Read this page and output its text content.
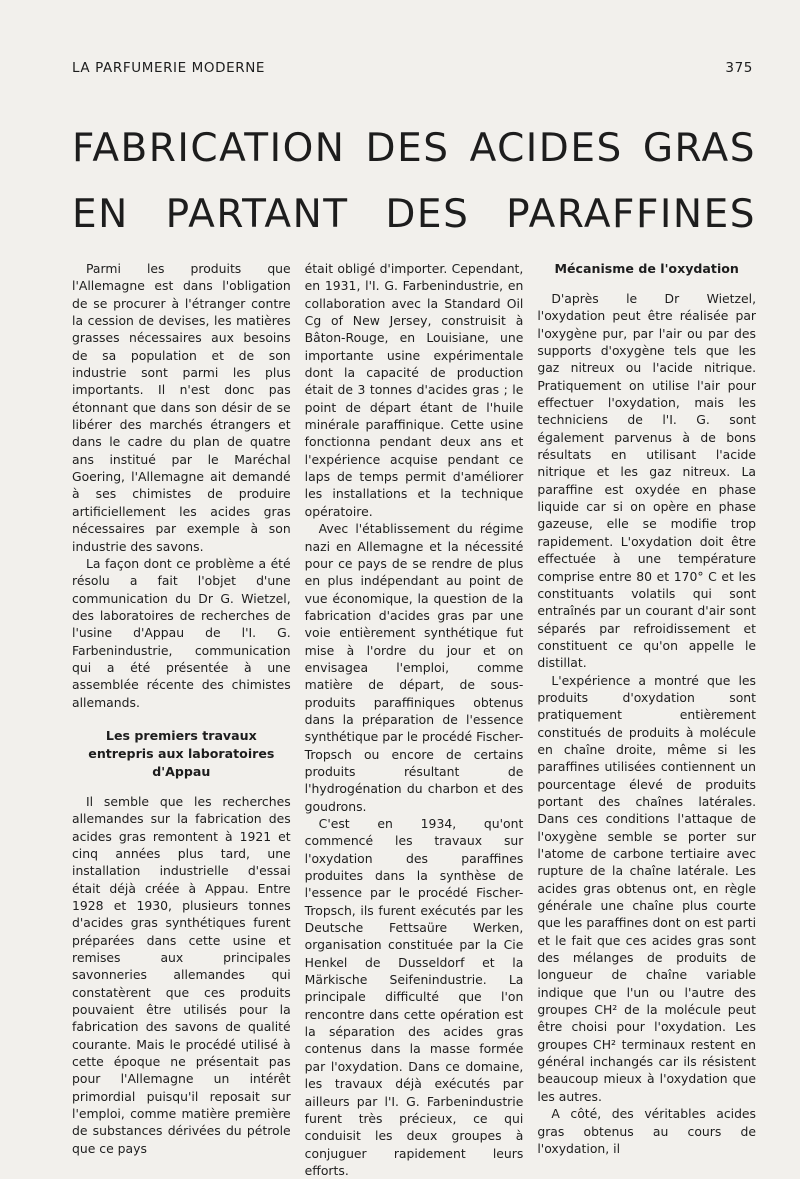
LA PARFUMERIE MODERNE	375
FABRICATION DES ACIDES GRAS
EN PARTANT DES PARAFFINES

Parmi les produits que l'Allemagne est dans l'obligation de se procurer à l'étranger contre la cession de devises, les matières grasses nécessaires aux besoins de sa population et de son industrie sont parmi les plus importants. Il n'est donc pas étonnant que dans son désir de se libérer des marchés étrangers et dans le cadre du plan de quatre ans institué par le Maréchal Goering, l'Allemagne ait demandé à ses chimistes de produire artificiellement les acides gras nécessaires par exemple à son industrie des savons.

La façon dont ce problème a été résolu a fait l'objet d'une communication du Dr G. Wietzel, des laboratoires de recherches de l'usine d'Appau de l'I. G. Farbenindustrie, communication qui a été présentée à une assemblée récente des chimistes allemands.

Les premiers travaux entrepris aux laboratoires d'Appau

Il semble que les recherches allemandes sur la fabrication des acides gras remontent à 1921 et cinq années plus tard, une installation industrielle d'essai était déjà créée à Appau. Entre 1928 et 1930, plusieurs tonnes d'acides gras synthétiques furent préparées dans cette usine et remises aux principales savonneries allemandes qui constatèrent que ces produits pouvaient être utilisés pour la fabrication des savons de qualité courante. Mais le procédé utilisé à cette époque ne présentait pas pour l'Allemagne un intérêt primordial puisqu'il reposait sur l'emploi, comme matière première de substances dérivées du pétrole que ce pays

était obligé d'importer. Cependant, en 1931, l'I. G. Farbenindustrie, en collaboration avec la Standard Oil Cg of New Jersey, construisit à Bâton-Rouge, en Louisiane, une importante usine expérimentale dont la capacité de production était de 3 tonnes d'acides gras ; le point de départ étant de l'huile minérale paraffinique. Cette usine fonctionna pendant deux ans et l'expérience acquise pendant ce laps de temps permit d'améliorer les installations et la technique opératoire.

Avec l'établissement du régime nazi en Allemagne et la nécessité pour ce pays de se rendre de plus en plus indépendant au point de vue économique, la question de la fabrication d'acides gras par une voie entièrement synthétique fut mise à l'ordre du jour et on envisagea l'emploi, comme matière de départ, de sous-produits paraffiniques obtenus dans la préparation de l'essence synthétique par le procédé Fischer-Tropsch ou encore de certains produits résultant de l'hydrogénation du charbon et des goudrons.

C'est en 1934, qu'ont commencé les travaux sur l'oxydation des paraffines produites dans la synthèse de l'essence par le procédé Fischer-Tropsch, ils furent exécutés par les Deutsche Fettsaüre Werken, organisation constituée par la Cie Henkel de Dusseldorf et la Märkische Seifenindustrie. La principale difficulté que l'on rencontre dans cette opération est la séparation des acides gras contenus dans la masse formée par l'oxydation. Dans ce domaine, les travaux déjà exécutés par ailleurs par l'I. G. Farbenindustrie furent très précieux, ce qui conduisit les deux groupes à conjuguer rapidement leurs efforts.

Mécanisme de l'oxydation

D'après le Dr Wietzel, l'oxydation peut être réalisée par l'oxygène pur, par l'air ou par des supports d'oxygène tels que les gaz nitreux ou l'acide nitrique. Pratiquement on utilise l'air pour effectuer l'oxydation, mais les techniciens de l'I. G. sont également parvenus à de bons résultats en utilisant l'acide nitrique et les gaz nitreux. La paraffine est oxydée en phase liquide car si on opère en phase gazeuse, elle se modifie trop rapidement. L'oxydation doit être effectuée à une température comprise entre 80 et 170° C et les constituants volatils qui sont entraînés par un courant d'air sont séparés par refroidissement et constituent ce qu'on appelle le distillat.

L'expérience a montré que les produits d'oxydation sont pratiquement entièrement constitués de produits à molécule en chaîne droite, même si les paraffines utilisées contiennent un pourcentage élevé de produits portant des chaînes latérales. Dans ces conditions l'attaque de l'oxygène semble se porter sur l'atome de carbone tertiaire avec rupture de la chaîne latérale. Les acides gras obtenus ont, en règle générale une chaîne plus courte que les paraffines dont on est parti et le fait que ces acides gras sont des mélanges de produits de longueur de chaîne variable indique que l'un ou l'autre des groupes CH² de la molécule peut être choisi pour l'oxydation. Les groupes CH² terminaux restent en général inchangés car ils résistent beaucoup mieux à l'oxydation que les autres.

A côté, des véritables acides gras obtenus au cours de l'oxydation, il
